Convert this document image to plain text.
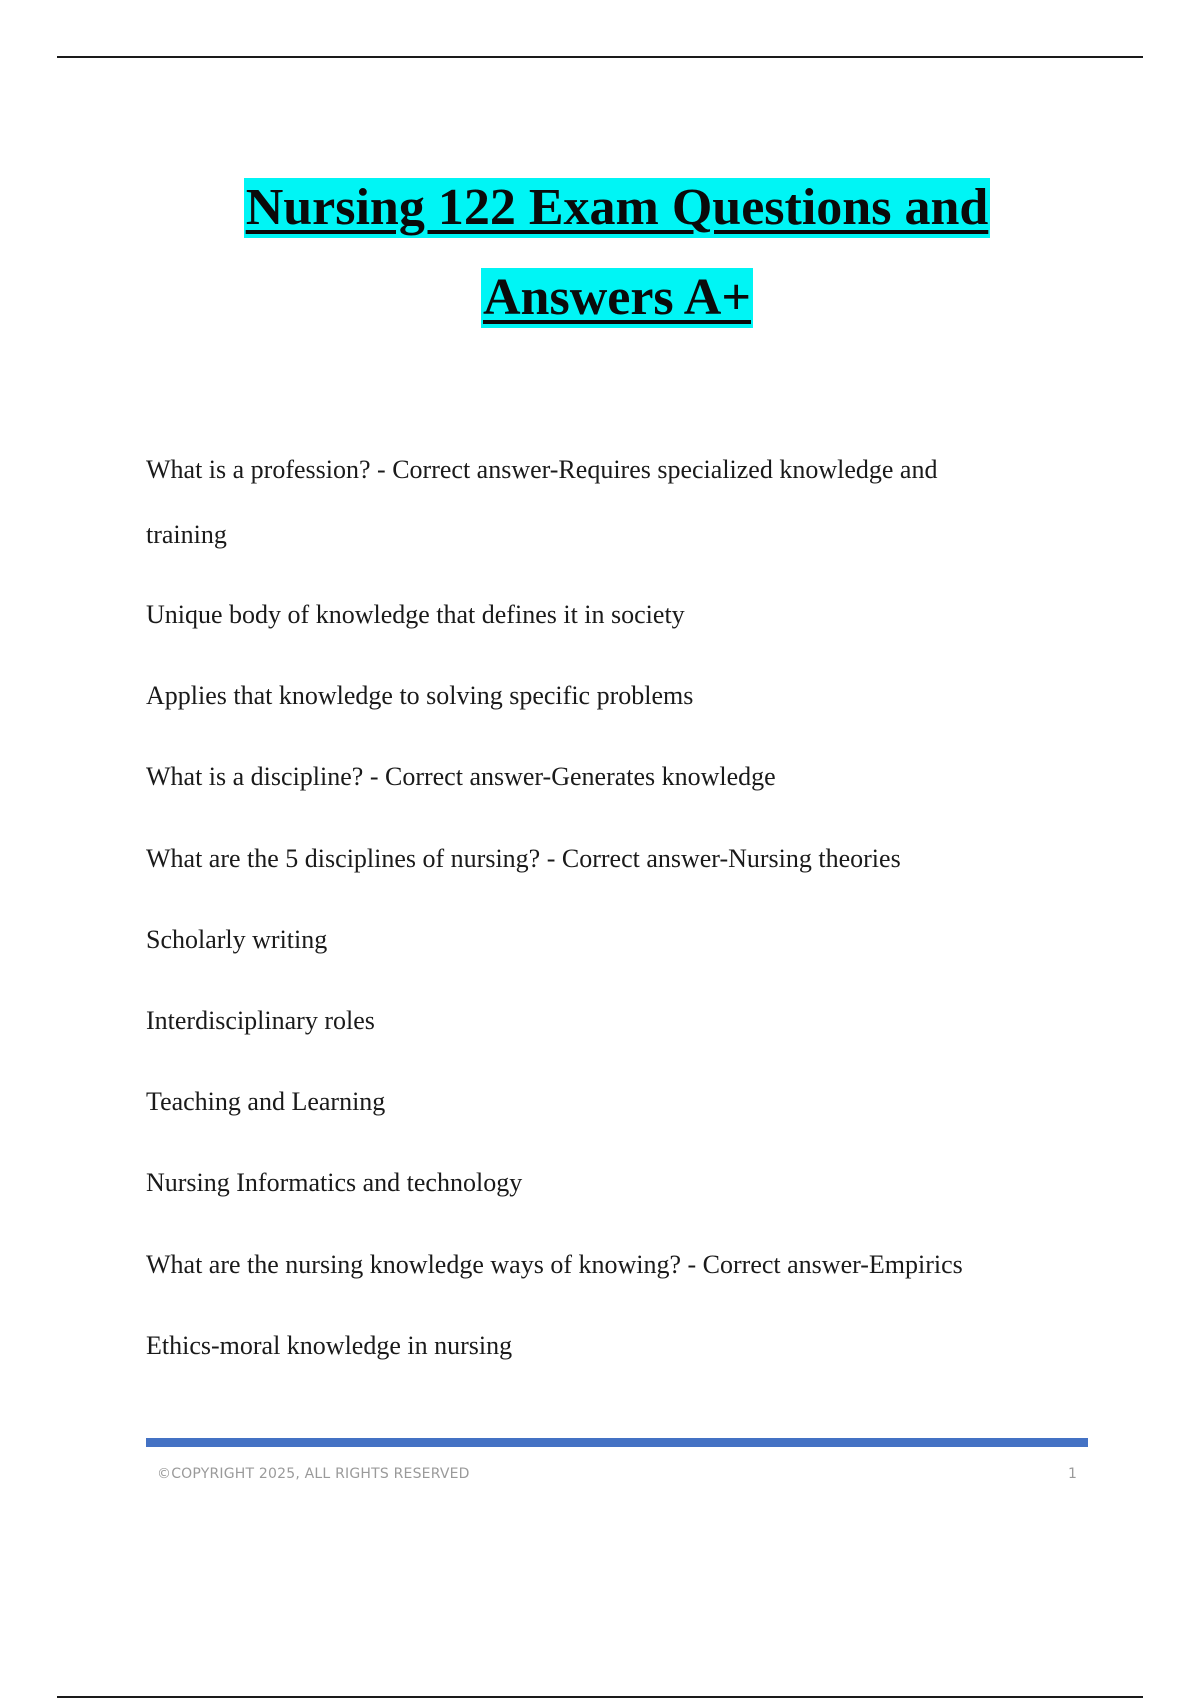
Nursing 122 Exam Questions and
Answers A+
What is a profession? - Correct answer-Requires specialized knowledge and
training
Unique body of knowledge that defines it in society
Applies that knowledge to solving specific problems
What is a discipline? - Correct answer-Generates knowledge
What are the 5 disciplines of nursing? - Correct answer-Nursing theories
Scholarly writing
Interdisciplinary roles
Teaching and Learning
Nursing Informatics and technology
What are the nursing knowledge ways of knowing? - Correct answer-Empirics
Ethics-moral knowledge in nursing
©COPYRIGHT 2025, ALL RIGHTS RESERVED	1
